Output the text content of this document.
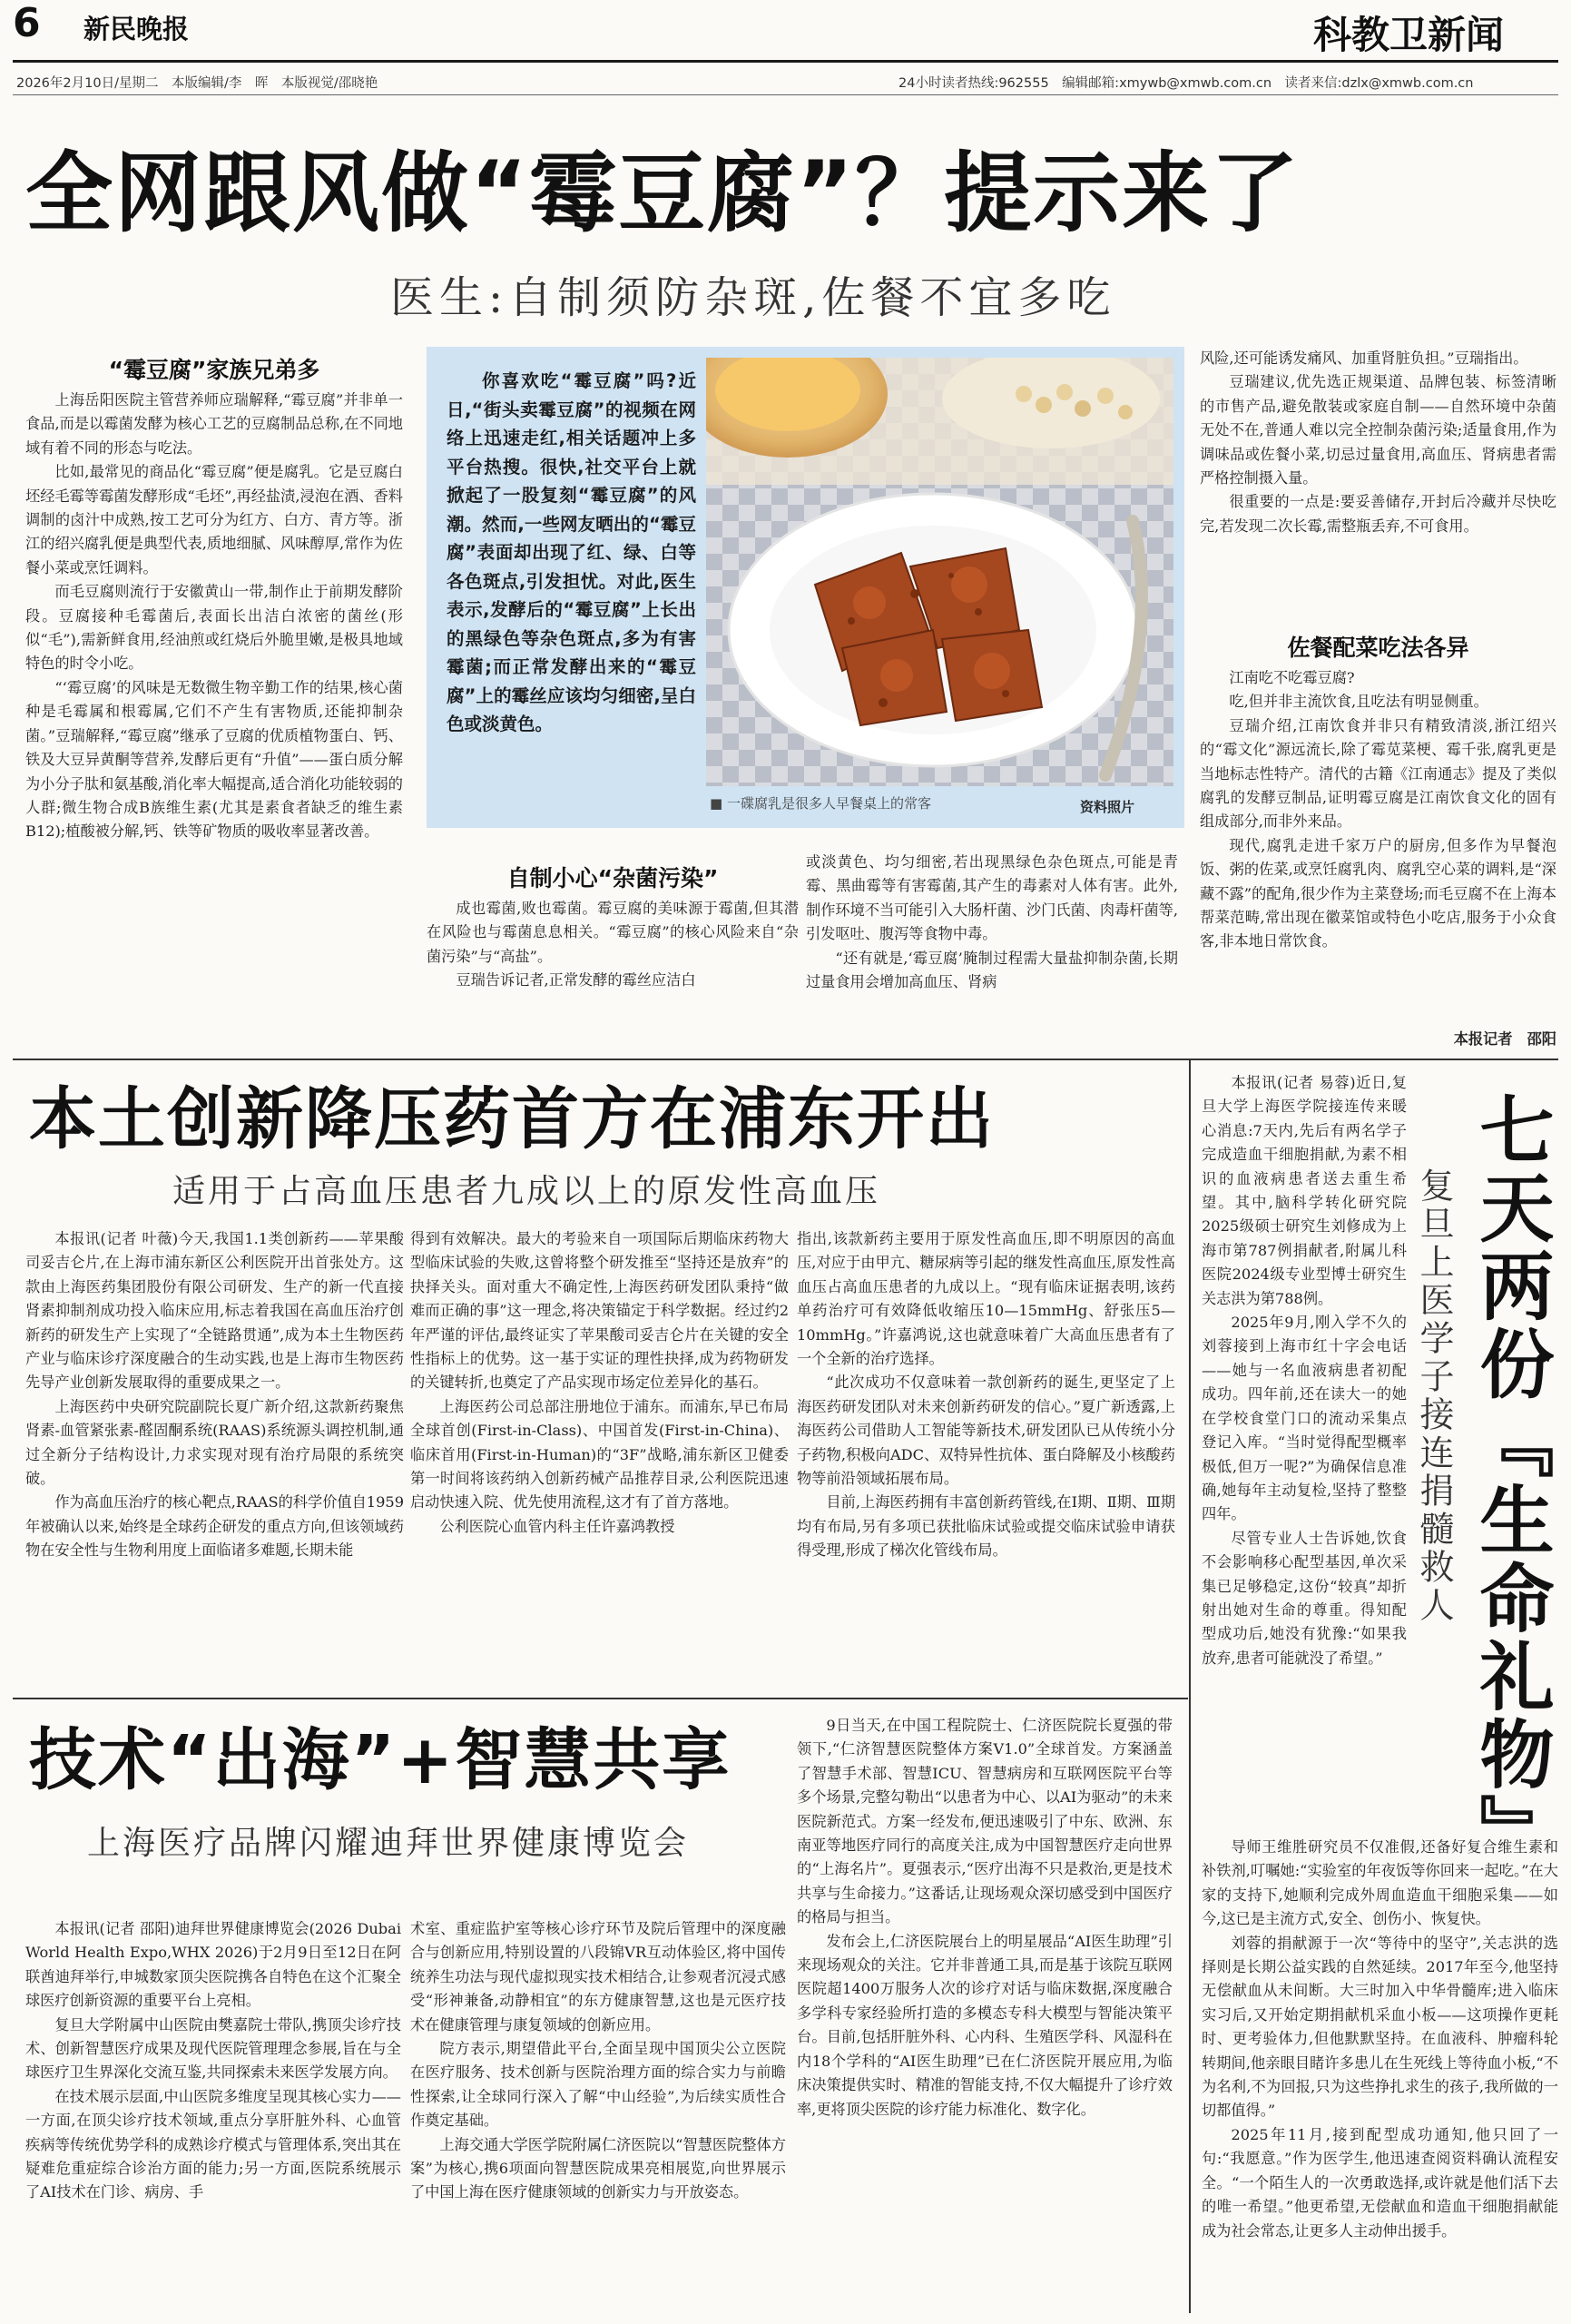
6 新民晚报	科教卫新闻
2026年2月10日/星期二　本版编辑/李　晖　本版视觉/邵晓艳	24小时读者热线:962555　编辑邮箱:xmywb@xmwb.com.cn　读者来信:dzlx@xmwb.com.cn
全网跟风做“霉豆腐”？提示来了
医生:自制须防杂斑,佐餐不宜多吃
“霉豆腐”家族兄弟多

上海岳阳医院主管营养师应瑞解释,“霉豆腐”并非单一食品,而是以霉菌发酵为核心工艺的豆腐制品总称,在不同地域有着不同的形态与吃法。

比如,最常见的商品化“霉豆腐”便是腐乳。它是豆腐白坯经毛霉等霉菌发酵形成“毛坯”,再经盐渍,浸泡在酒、香料调制的卤汁中成熟,按工艺可分为红方、白方、青方等。浙江的绍兴腐乳便是典型代表,质地细腻、风味醇厚,常作为佐餐小菜或烹饪调料。

而毛豆腐则流行于安徽黄山一带,制作止于前期发酵阶段。豆腐接种毛霉菌后,表面长出洁白浓密的菌丝(形似“毛”),需新鲜食用,经油煎或红烧后外脆里嫩,是极具地域特色的时令小吃。

“‘霉豆腐’的风味是无数微生物辛勤工作的结果,核心菌种是毛霉属和根霉属,它们不产生有害物质,还能抑制杂菌。”豆瑞解释,“霉豆腐”继承了豆腐的优质植物蛋白、钙、铁及大豆异黄酮等营养,发酵后更有“升值”——蛋白质分解为小分子肽和氨基酸,消化率大幅提高,适合消化功能较弱的人群;微生物合成B族维生素(尤其是素食者缺乏的维生素B12);植酸被分解,钙、铁等矿物质的吸收率显著改善。

你喜欢吃“霉豆腐”吗?近日,“街头卖霉豆腐”的视频在网络上迅速走红,相关话题冲上多平台热搜。很快,社交平台上就掀起了一股复刻“霉豆腐”的风潮。然而,一些网友晒出的“霉豆腐”表面却出现了红、绿、白等各色斑点,引发担忧。对此,医生表示,发酵后的“霉豆腐”上长出的黑绿色等杂色斑点,多为有害霉菌;而正常发酵出来的“霉豆腐”上的霉丝应该均匀细密,呈白色或淡黄色。
■ 一碟腐乳是很多人早餐桌上的常客	资料照片
自制小心“杂菌污染”

成也霉菌,败也霉菌。霉豆腐的美味源于霉菌,但其潜在风险也与霉菌息息相关。“霉豆腐”的核心风险来自“杂菌污染”与“高盐”。

豆瑞告诉记者,正常发酵的霉丝应洁白

或淡黄色、均匀细密,若出现黑绿色杂色斑点,可能是青霉、黑曲霉等有害霉菌,其产生的毒素对人体有害。此外,制作环境不当可能引入大肠杆菌、沙门氏菌、肉毒杆菌等,引发呕吐、腹泻等食物中毒。

“还有就是,‘霉豆腐’腌制过程需大量盐抑制杂菌,长期过量食用会增加高血压、肾病

风险,还可能诱发痛风、加重肾脏负担。”豆瑞指出。

豆瑞建议,优先选正规渠道、品牌包装、标签清晰的市售产品,避免散装或家庭自制——自然环境中杂菌无处不在,普通人难以完全控制杂菌污染;适量食用,作为调味品或佐餐小菜,切忌过量食用,高血压、肾病患者需严格控制摄入量。

很重要的一点是:要妥善储存,开封后冷藏并尽快吃完,若发现二次长霉,需整瓶丢弃,不可食用。

佐餐配菜吃法各异

江南吃不吃霉豆腐?

吃,但并非主流饮食,且吃法有明显侧重。

豆瑞介绍,江南饮食并非只有精致清淡,浙江绍兴的“霉文化”源远流长,除了霉苋菜梗、霉千张,腐乳更是当地标志性特产。清代的古籍《江南通志》提及了类似腐乳的发酵豆制品,证明霉豆腐是江南饮食文化的固有组成部分,而非外来品。

现代,腐乳走进千家万户的厨房,但多作为早餐泡饭、粥的佐菜,或烹饪腐乳肉、腐乳空心菜的调料,是“深藏不露”的配角,很少作为主菜登场;而毛豆腐不在上海本帮菜范畴,常出现在徽菜馆或特色小吃店,服务于小众食客,非本地日常饮食。

本报记者　邵阳
本土创新降压药首方在浦东开出
适用于占高血压患者九成以上的原发性高血压

本报讯(记者 叶薇)今天,我国1.1类创新药——苹果酸司妥吉仑片,在上海市浦东新区公利医院开出首张处方。这款由上海医药集团股份有限公司研发、生产的新一代直接肾素抑制剂成功投入临床应用,标志着我国在高血压治疗创新药的研发生产上实现了“全链路贯通”,成为本土生物医药产业与临床诊疗深度融合的生动实践,也是上海市生物医药先导产业创新发展取得的重要成果之一。

上海医药中央研究院副院长夏广新介绍,这款新药聚焦肾素-血管紧张素-醛固酮系统(RAAS)系统源头调控机制,通过全新分子结构设计,力求实现对现有治疗局限的系统突破。

作为高血压治疗的核心靶点,RAAS的科学价值自1959年被确认以来,始终是全球药企研发的重点方向,但该领域药物在安全性与生物利用度上面临诸多难题,长期未能

得到有效解决。最大的考验来自一项国际后期临床药物大型临床试验的失败,这曾将整个研发推至“坚持还是放弃”的抉择关头。面对重大不确定性,上海医药研发团队秉持“做难而正确的事”这一理念,将决策锚定于科学数据。经过约2年严谨的评估,最终证实了苹果酸司妥吉仑片在关键的安全性指标上的优势。这一基于实证的理性抉择,成为药物研发的关键转折,也奠定了产品实现市场定位差异化的基石。

上海医药公司总部注册地位于浦东。而浦东,早已布局全球首创(First-in-Class)、中国首发(First-in-China)、临床首用(First-in-Human)的“3F”战略,浦东新区卫健委第一时间将该药纳入创新药械产品推荐目录,公利医院迅速启动快速入院、优先使用流程,这才有了首方落地。

公利医院心血管内科主任许嘉鸿教授

指出,该款新药主要用于原发性高血压,即不明原因的高血压,对应于由甲亢、糖尿病等引起的继发性高血压,原发性高血压占高血压患者的九成以上。“现有临床证据表明,该药单药治疗可有效降低收缩压10—15mmHg、舒张压5—10mmHg。”许嘉鸿说,这也就意味着广大高血压患者有了一个全新的治疗选择。

“此次成功不仅意味着一款创新药的诞生,更坚定了上海医药研发团队对未来创新药研发的信心。”夏广新透露,上海医药公司借助人工智能等新技术,研发团队已从传统小分子药物,积极向ADC、双特异性抗体、蛋白降解及小核酸药物等前沿领域拓展布局。

目前,上海医药拥有丰富创新药管线,在Ⅰ期、Ⅱ期、Ⅲ期均有布局,另有多项已获批临床试验或提交临床试验申请获得受理,形成了梯次化管线布局。

技术“出海”+智慧共享
上海医疗品牌闪耀迪拜世界健康博览会

本报讯(记者 邵阳)迪拜世界健康博览会(2026 Dubai World Health Expo,WHX 2026)于2月9日至12日在阿联酋迪拜举行,申城数家顶尖医院携各自特色在这个汇聚全球医疗创新资源的重要平台上亮相。

复旦大学附属中山医院由樊嘉院士带队,携顶尖诊疗技术、创新智慧医疗成果及现代医院管理理念参展,旨在与全球医疗卫生界深化交流互鉴,共同探索未来医学发展方向。

在技术展示层面,中山医院多维度呈现其核心实力——一方面,在顶尖诊疗技术领域,重点分享肝脏外科、心血管疾病等传统优势学科的成熟诊疗模式与管理体系,突出其在疑难危重症综合诊治方面的能力;另一方面,医院系统展示了AI技术在门诊、病房、手

术室、重症监护室等核心诊疗环节及院后管理中的深度融合与创新应用,特别设置的八段锦VR互动体验区,将中国传统养生功法与现代虚拟现实技术相结合,让参观者沉浸式感受“形神兼备,动静相宜”的东方健康智慧,这也是元医疗技术在健康管理与康复领域的创新应用。

院方表示,期望借此平台,全面呈现中国顶尖公立医院在医疗服务、技术创新与医院治理方面的综合实力与前瞻性探索,让全球同行深入了解“中山经验”,为后续实质性合作奠定基础。

上海交通大学医学院附属仁济医院以“智慧医院整体方案”为核心,携6项面向智慧医院成果亮相展览,向世界展示了中国上海在医疗健康领域的创新实力与开放姿态。

9日当天,在中国工程院院士、仁济医院院长夏强的带领下,“仁济智慧医院整体方案V1.0”全球首发。方案涵盖了智慧手术部、智慧ICU、智慧病房和互联网医院平台等多个场景,完整勾勒出“以患者为中心、以AI为驱动”的未来医院新范式。方案一经发布,便迅速吸引了中东、欧洲、东南亚等地医疗同行的高度关注,成为中国智慧医疗走向世界的“上海名片”。夏强表示,“医疗出海不只是救治,更是技术共享与生命接力。”这番话,让现场观众深切感受到中国医疗的格局与担当。

发布会上,仁济医院展台上的明星展品“AI医生助理”引来现场观众的关注。它并非普通工具,而是基于该院互联网医院超1400万服务人次的诊疗对话与临床数据,深度融合多学科专家经验所打造的多模态专科大模型与智能决策平台。目前,包括肝脏外科、心内科、生殖医学科、风湿科在内18个学科的“AI医生助理”已在仁济医院开展应用,为临床决策提供实时、精准的智能支持,不仅大幅提升了诊疗效率,更将顶尖医院的诊疗能力标准化、数字化。

七天两份『生命礼物』
复旦上医学子接连捐髓救人

本报讯(记者 易蓉)近日,复旦大学上海医学院接连传来暖心消息:7天内,先后有两名学子完成造血干细胞捐献,为素不相识的血液病患者送去重生希望。其中,脑科学转化研究院2025级硕士研究生刘修成为上海市第787例捐献者,附属儿科医院2024级专业型博士研究生关志洪为第788例。

2025年9月,刚入学不久的刘蓉接到上海市红十字会电话——她与一名血液病患者初配成功。四年前,还在读大一的她在学校食堂门口的流动采集点登记入库。“当时觉得配型概率极低,但万一呢?”为确保信息准确,她每年主动复检,坚持了整整四年。

尽管专业人士告诉她,饮食不会影响移心配型基因,单次采集已足够稳定,这份“较真”却折射出她对生命的尊重。得知配型成功后,她没有犹豫:“如果我放弃,患者可能就没了希望。”

导师王维胜研究员不仅准假,还备好复合维生素和补铁剂,叮嘱她:“实验室的年夜饭等你回来一起吃。”在大家的支持下,她顺利完成外周血造血干细胞采集——如今,这已是主流方式,安全、创伤小、恢复快。

刘蓉的捐献源于一次“等待中的坚守”,关志洪的选择则是长期公益实践的自然延续。2017年至今,他坚持无偿献血从未间断。大三时加入中华骨髓库;进入临床实习后,又开始定期捐献机采血小板——这项操作更耗时、更考验体力,但他默默坚持。在血液科、肿瘤科轮转期间,他亲眼目睹许多患儿在生死线上等待血小板,“不为名利,不为回报,只为这些挣扎求生的孩子,我所做的一切都值得。”

2025年11月,接到配型成功通知,他只回了一句:“我愿意。”作为医学生,他迅速查阅资料确认流程安全。“一个陌生人的一次勇敢选择,或许就是他们活下去的唯一希望。”他更希望,无偿献血和造血干细胞捐献能成为社会常态,让更多人主动伸出援手。
